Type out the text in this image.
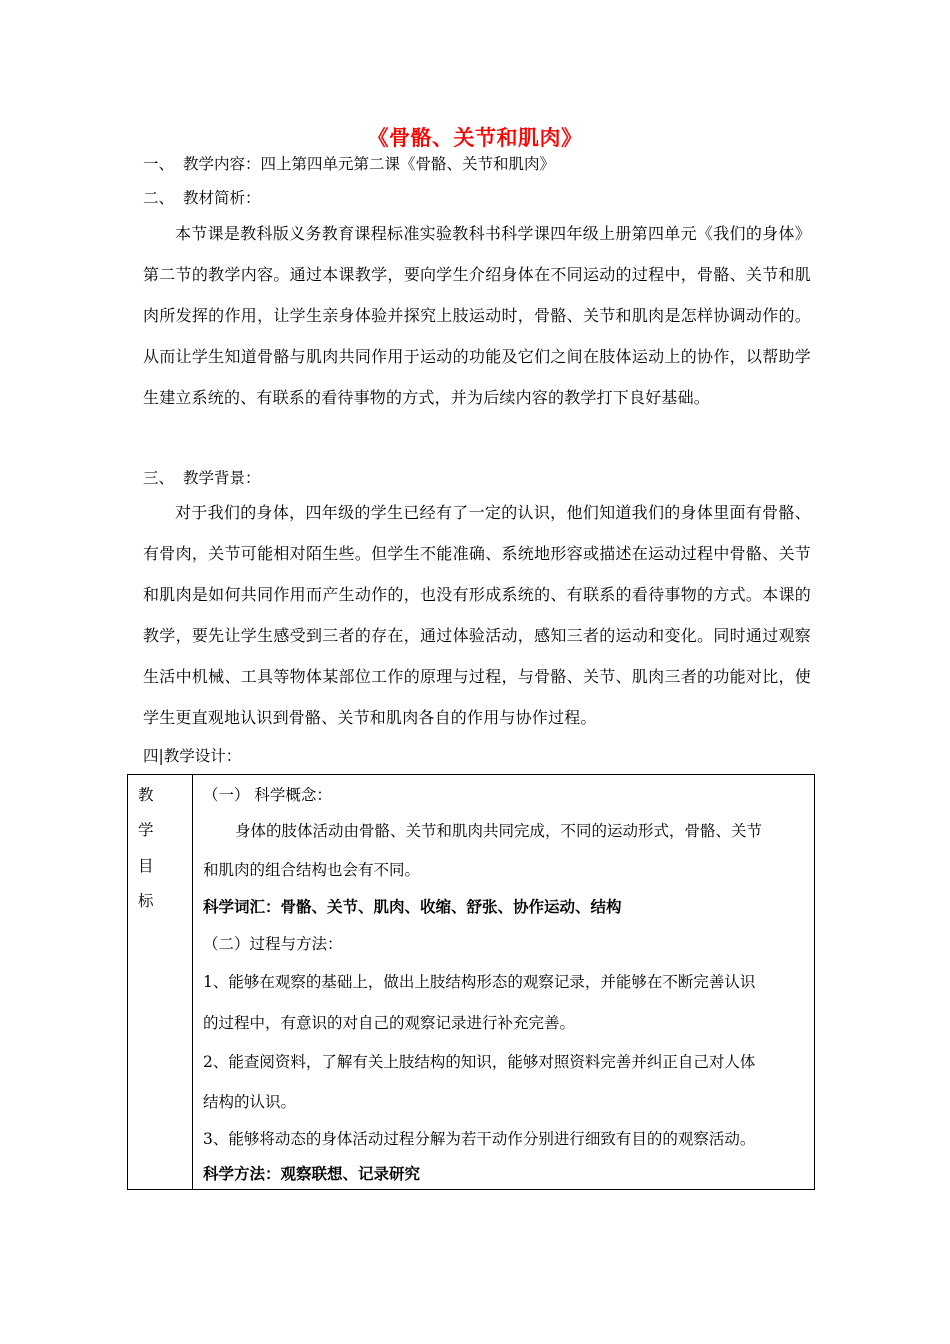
《骨骼、关节和肌肉》
一、 教学内容：四上第四单元第二课《骨骼、关节和肌肉》
二、 教材简析：
本节课是教科版义务教育课程标准实验教科书科学课四年级上册第四单元《我们的身体》第二节的教学内容。通过本课教学，要向学生介绍身体在不同运动的过程中，骨骼、关节和肌肉所发挥的作用，让学生亲身体验并探究上肢运动时，骨骼、关节和肌肉是怎样协调动作的。从而让学生知道骨骼与肌肉共同作用于运动的功能及它们之间在肢体运动上的协作，以帮助学生建立系统的、有联系的看待事物的方式，并为后续内容的教学打下良好基础。
三、 教学背景：
对于我们的身体，四年级的学生已经有了一定的认识，他们知道我们的身体里面有骨骼、有骨肉，关节可能相对陌生些。但学生不能准确、系统地形容或描述在运动过程中骨骼、关节和肌肉是如何共同作用而产生动作的，也没有形成系统的、有联系的看待事物的方式。本课的教学，要先让学生感受到三者的存在，通过体验活动，感知三者的运动和变化。同时通过观察生活中机械、工具等物体某部位工作的原理与过程，与骨骼、关节、肌肉三者的功能对比，使学生更直观地认识到骨骼、关节和肌肉各自的作用与协作过程。
四|教学设计：
教
学
目
标
（一） 科学概念：
身体的肢体活动由骨骼、关节和肌肉共同完成，不同的运动形式，骨骼、关节
和肌肉的组合结构也会有不同。
科学词汇：骨骼、关节、肌肉、收缩、舒张、协作运动、结构
（二）过程与方法：
1、能够在观察的基础上，做出上肢结构形态的观察记录，并能够在不断完善认识
的过程中，有意识的对自己的观察记录进行补充完善。
2、能查阅资料，了解有关上肢结构的知识，能够对照资料完善并纠正自己对人体
结构的认识。
3、能够将动态的身体活动过程分解为若干动作分别进行细致有目的的观察活动。
科学方法：观察联想、记录研究
